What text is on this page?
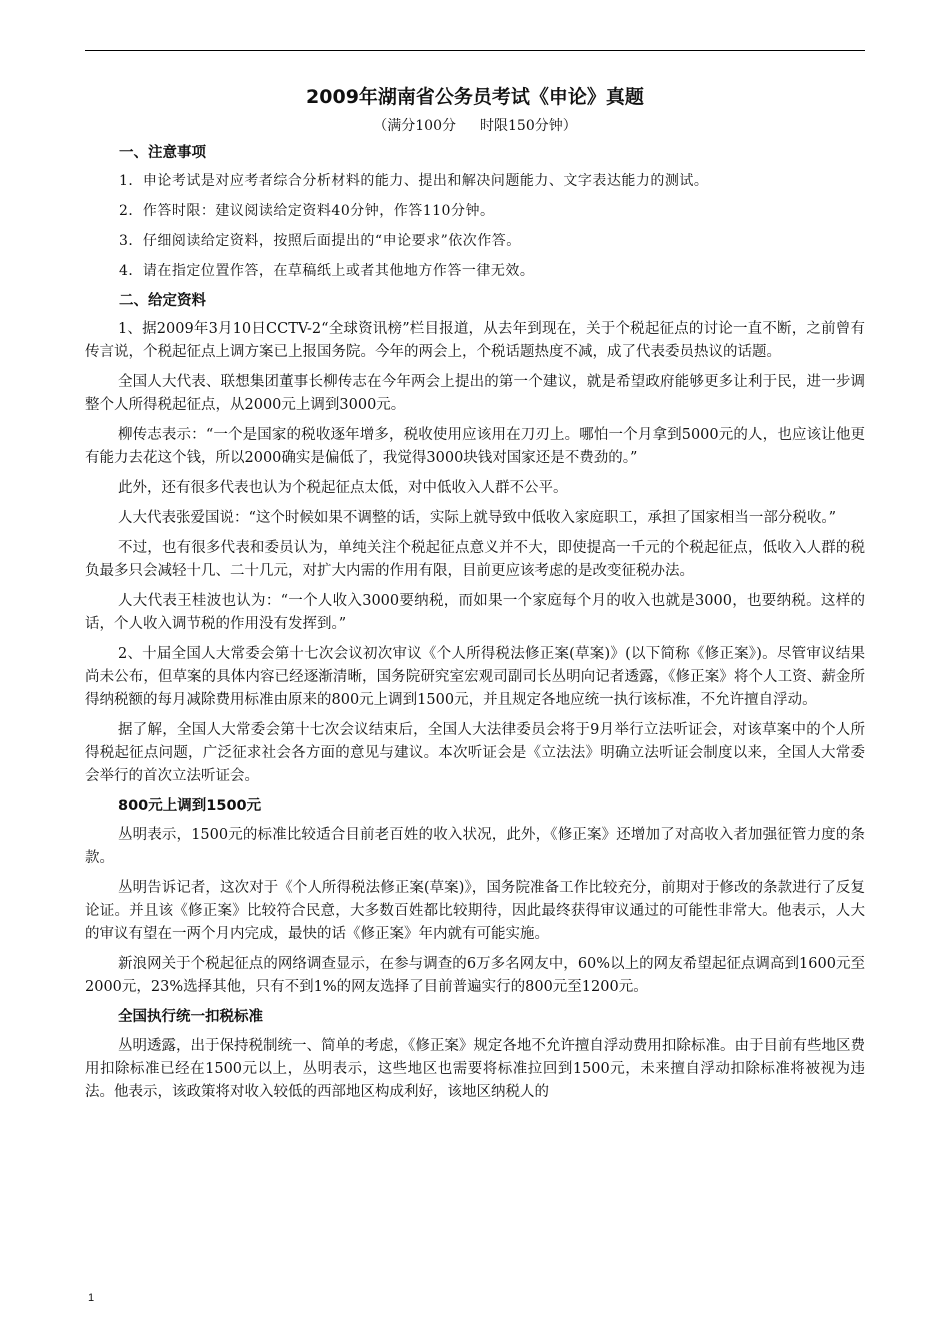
2009年湖南省公务员考试《申论》真题
（满分100分 时限150分钟）
一、注意事项
1．申论考试是对应考者综合分析材料的能力、提出和解决问题能力、文字表达能力的测试。
2．作答时限：建议阅读给定资料40分钟，作答110分钟。
3．仔细阅读给定资料，按照后面提出的“申论要求”依次作答。
4．请在指定位置作答，在草稿纸上或者其他地方作答一律无效。
二、给定资料

1、据2009年3月10日CCTV-2“全球资讯榜”栏目报道，从去年到现在，关于个税起征点的讨论一直不断，之前曾有传言说，个税起征点上调方案已上报国务院。今年的两会上，个税话题热度不减，成了代表委员热议的话题。

全国人大代表、联想集团董事长柳传志在今年两会上提出的第一个建议，就是希望政府能够更多让利于民，进一步调整个人所得税起征点，从2000元上调到3000元。

柳传志表示：“一个是国家的税收逐年增多，税收使用应该用在刀刃上。哪怕一个月拿到5000元的人，也应该让他更有能力去花这个钱，所以2000确实是偏低了，我觉得3000块钱对国家还是不费劲的。”

此外，还有很多代表也认为个税起征点太低，对中低收入人群不公平。

人大代表张爱国说：“这个时候如果不调整的话，实际上就导致中低收入家庭职工，承担了国家相当一部分税收。”

不过，也有很多代表和委员认为，单纯关注个税起征点意义并不大，即使提高一千元的个税起征点，低收入人群的税负最多只会减轻十几、二十几元，对扩大内需的作用有限，目前更应该考虑的是改变征税办法。

人大代表王桂波也认为：“一个人收入3000要纳税，而如果一个家庭每个月的收入也就是3000，也要纳税。这样的话，个人收入调节税的作用没有发挥到。”

2、十届全国人大常委会第十七次会议初次审议《个人所得税法修正案(草案)》(以下简称《修正案》)。尽管审议结果尚未公布，但草案的具体内容已经逐渐清晰，国务院研究室宏观司副司长丛明向记者透露，《修正案》将个人工资、薪金所得纳税额的每月减除费用标准由原来的800元上调到1500元，并且规定各地应统一执行该标准，不允许擅自浮动。

据了解，全国人大常委会第十七次会议结束后，全国人大法律委员会将于9月举行立法听证会，对该草案中的个人所得税起征点问题，广泛征求社会各方面的意见与建议。本次听证会是《立法法》明确立法听证会制度以来，全国人大常委会举行的首次立法听证会。

800元上调到1500元

丛明表示，1500元的标准比较适合目前老百姓的收入状况，此外，《修正案》还增加了对高收入者加强征管力度的条款。

丛明告诉记者，这次对于《个人所得税法修正案(草案)》，国务院准备工作比较充分，前期对于修改的条款进行了反复论证。并且该《修正案》比较符合民意，大多数百姓都比较期待，因此最终获得审议通过的可能性非常大。他表示，人大的审议有望在一两个月内完成，最快的话《修正案》年内就有可能实施。

新浪网关于个税起征点的网络调查显示，在参与调查的6万多名网友中，60%以上的网友希望起征点调高到1600元至2000元，23%选择其他，只有不到1%的网友选择了目前普遍实行的800元至1200元。

全国执行统一扣税标准

丛明透露，出于保持税制统一、简单的考虑，《修正案》规定各地不允许擅自浮动费用扣除标准。由于目前有些地区费用扣除标准已经在1500元以上，丛明表示，这些地区也需要将标准拉回到1500元，未来擅自浮动扣除标准将被视为违法。他表示，该政策将对收入较低的西部地区构成利好，该地区纳税人的

1
